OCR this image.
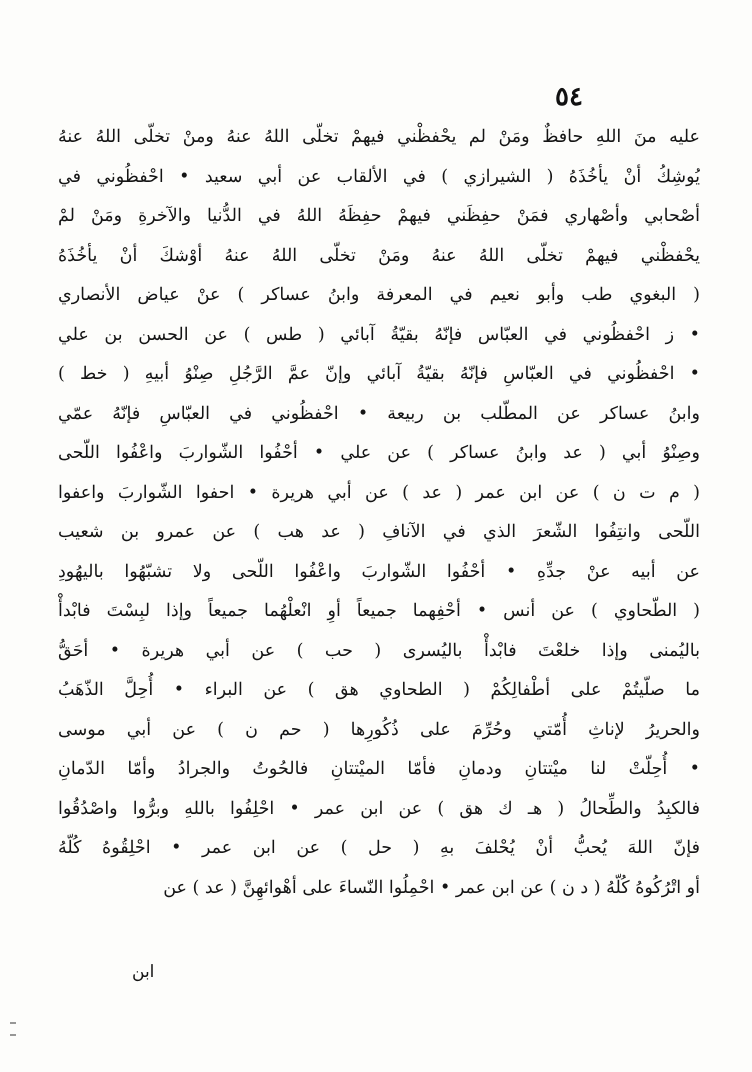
٥٤
عليه منَ اللهِ حافظٌ ومَنْ لم يحْفظْني فيهمْ تخلّى اللهُ عنهُ ومنْ تخلّى اللهُ عنهُ
يُوشِكُ أنْ يأخُذَهُ ( الشيرازي ) في الألقاب عن أبي سعيد • احْفظُوني في
أصْحابي وأصْهاري فمَنْ حفِظَني فيهمْ حفِظَهُ اللهُ في الدُّنيا والآخرةِ ومَنْ لمْ
يحْفظْني فيهمْ تخلّى اللهُ عنهُ ومَنْ تخلّى اللهُ عنهُ أوْشكَ أنْ يأخُذَهُ
( البغوي طب وأبو نعيم في المعرفة وابنُ عساكر ) عنْ عياض الأنصاري
• ز احْفظُوني في العبّاس فإنّهُ بقيّةُ آبائي ( طس ) عن الحسن بن علي
• احْفظُوني في العبّاسِ فإنّهُ بقيّةُ آبائي وإنّ عمَّ الرَّجُلِ صِنْوُ أبيهِ ( خط )
وابنُ عساكر عن المطّلب بن ربيعة • احْفظُوني في العبّاسِ فإنّهُ عمّي
وصِنْوُ أبي ( عد وابنُ عساكر ) عن علي • أحْفُوا الشّواربَ واعْفُوا اللّحى
( م ت ن ) عن ابن عمر ( عد ) عن أبي هريرة • احفوا الشّواربَ واعفوا
اللّحى وانتِفُوا الشّعرَ الذي في الآنافِ ( عد هب ) عن عمرو بن شعيب
عن أبيه عنْ جدِّهِ • أحْفُوا الشّواربَ واعْفُوا اللّحى ولا تشبّهُوا باليهُودِ
( الطّحاوي ) عن أنس • أحْفِهما جميعاً أوِ انْعلْهُما جميعاً وإذا لبِسْتَ فابْدأْ
باليُمنى وإذا خلعْتَ فابْدأْ باليُسرى ( حب ) عن أبي هريرة • أحَقُّ
ما صلّيتُمْ على أطْفالِكُمْ ( الطحاوي هق ) عن البراء • أُحِلَّ الذّهَبُ
والحريرُ لإناثِ أُمّتي وحُرِّمَ على ذُكُورِها ( حم ن ) عن أبي موسى
• أُحِلّتْ لنا ميْتتانِ ودمانِ فأمّا الميْتتانِ فالحُوتُ والجرادُ وأمّا الدّمانِ
فالكبِدُ والطِّحالُ ( هـ ك هق ) عن ابن عمر • احْلِفُوا باللهِ وبرُّوا واصْدُقُوا
فإنّ اللهَ يُحبُّ أنْ يُحْلفَ بهِ ( حل ) عن ابن عمر • احْلِقُوهُ كُلّهُ
أو اتْرُكُوهُ كُلّهُ ( د ن ) عن ابن عمر • احْمِلُوا النّساءَ على أهْوائهِنَّ ( عد ) عن
ابن
